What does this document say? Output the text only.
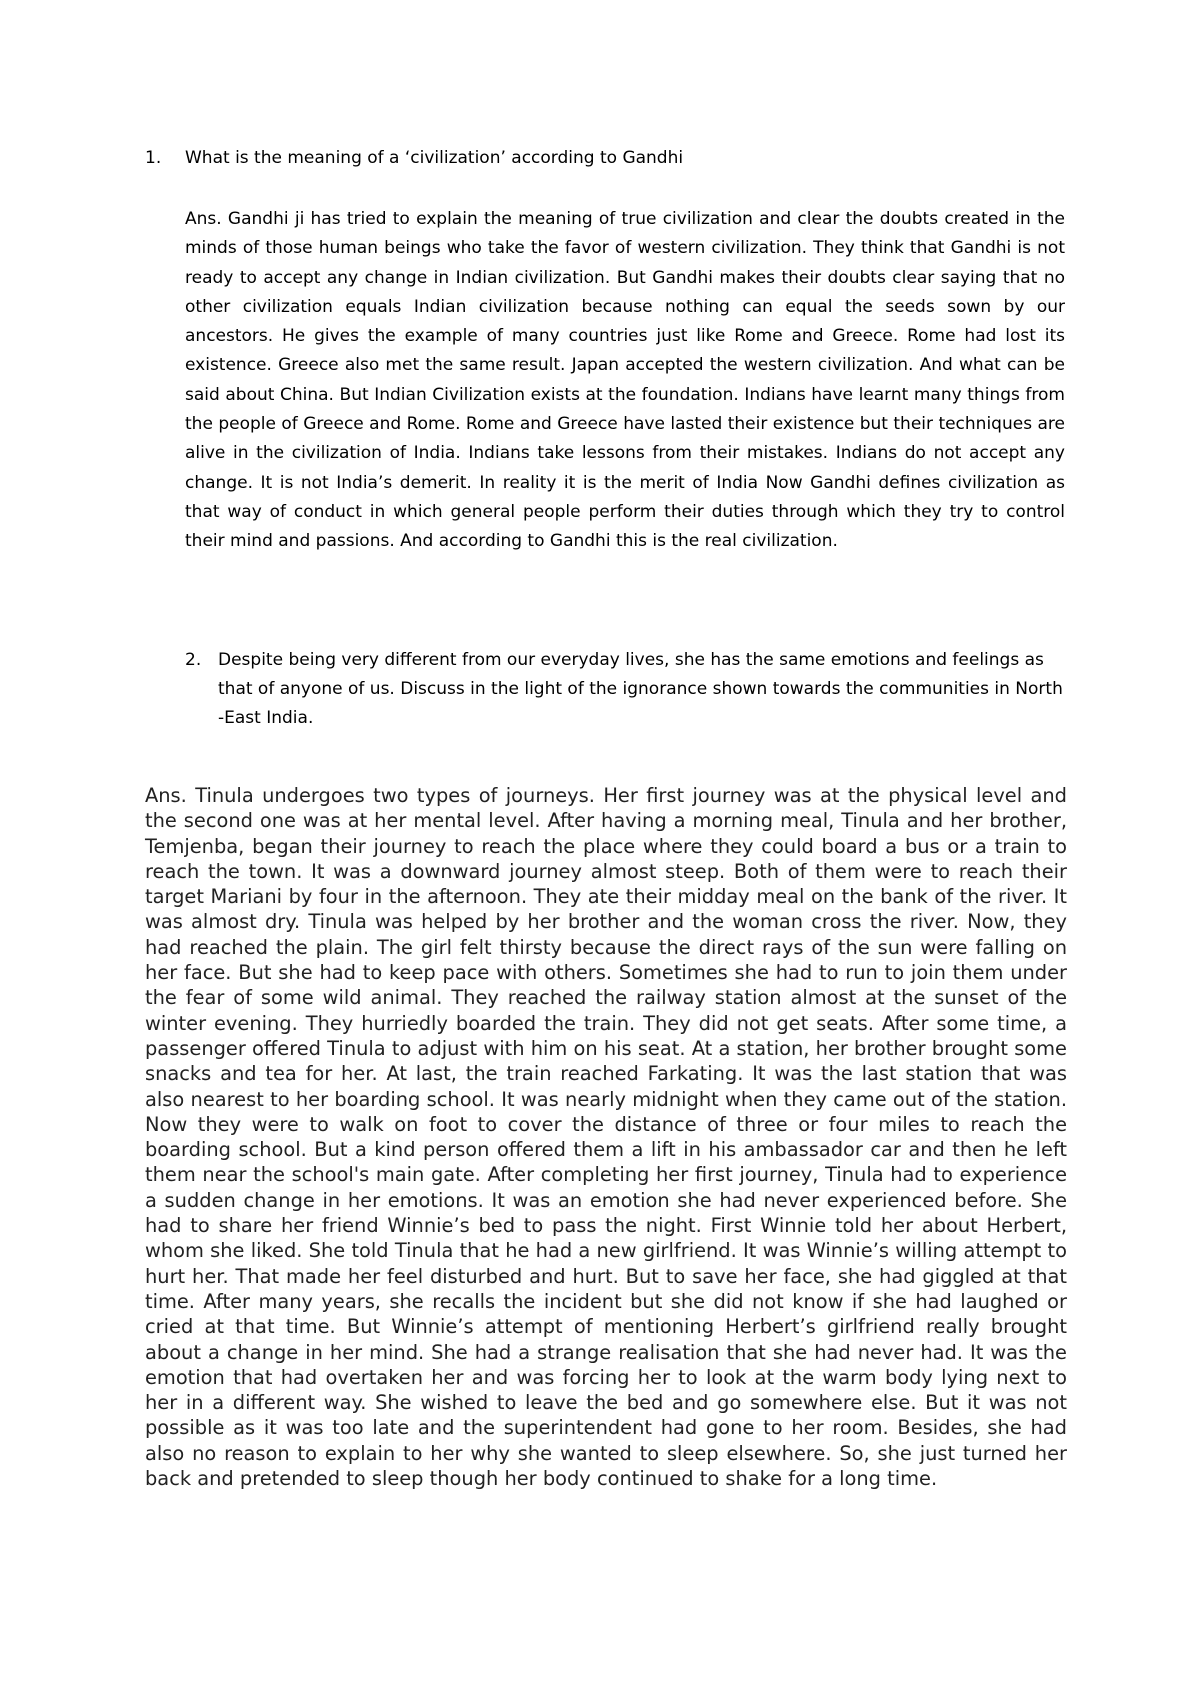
1. What is the meaning of a ‘civilization’ according to Gandhi

Ans. Gandhi ji has tried to explain the meaning of true civilization and clear the doubts created in the minds of those human beings who take the favor of western civilization. They think that Gandhi is not ready to accept any change in Indian civilization. But Gandhi makes their doubts clear saying that no other civilization equals Indian civilization because nothing can equal the seeds sown by our ancestors. He gives the example of many countries just like Rome and Greece. Rome had lost its existence. Greece also met the same result. Japan accepted the western civilization. And what can be said about China. But Indian Civilization exists at the foundation. Indians have learnt many things from the people of Greece and Rome. Rome and Greece have lasted their existence but their techniques are alive in the civilization of India. Indians take lessons from their mistakes. Indians do not accept any change. It is not India’s demerit. In reality it is the merit of India Now Gandhi defines civilization as that way of conduct in which general people perform their duties through which they try to control their mind and passions. And according to Gandhi this is the real civilization.

2. Despite being very different from our everyday lives, she has the same emotions and feelings as that of anyone of us. Discuss in the light of the ignorance shown towards the communities in North -East India.

Ans. Tinula undergoes two types of journeys. Her first journey was at the physical level and the second one was at her mental level. After having a morning meal, Tinula and her brother, Temjenba, began their journey to reach the place where they could board a bus or a train to reach the town. It was a downward journey almost steep. Both of them were to reach their target Mariani by four in the afternoon. They ate their midday meal on the bank of the river. It was almost dry. Tinula was helped by her brother and the woman cross the river. Now, they had reached the plain. The girl felt thirsty because the direct rays of the sun were falling on her face. But she had to keep pace with others. Sometimes she had to run to join them under the fear of some wild animal. They reached the railway station almost at the sunset of the winter evening. They hurriedly boarded the train. They did not get seats. After some time, a passenger offered Tinula to adjust with him on his seat. At a station, her brother brought some snacks and tea for her. At last, the train reached Farkating. It was the last station that was also nearest to her boarding school. It was nearly midnight when they came out of the station. Now they were to walk on foot to cover the distance of three or four miles to reach the boarding school. But a kind person offered them a lift in his ambassador car and then he left them near the school's main gate. After completing her first journey, Tinula had to experience a sudden change in her emotions. It was an emotion she had never experienced before. She had to share her friend Winnie’s bed to pass the night. First Winnie told her about Herbert, whom she liked. She told Tinula that he had a new girlfriend. It was Winnie’s willing attempt to hurt her. That made her feel disturbed and hurt. But to save her face, she had giggled at that time. After many years, she recalls the incident but she did not know if she had laughed or cried at that time. But Winnie’s attempt of mentioning Herbert’s girlfriend really brought about a change in her mind. She had a strange realisation that she had never had. It was the emotion that had overtaken her and was forcing her to look at the warm body lying next to her in a different way. She wished to leave the bed and go somewhere else. But it was not possible as it was too late and the superintendent had gone to her room. Besides, she had also no reason to explain to her why she wanted to sleep elsewhere. So, she just turned her back and pretended to sleep though her body continued to shake for a long time.
